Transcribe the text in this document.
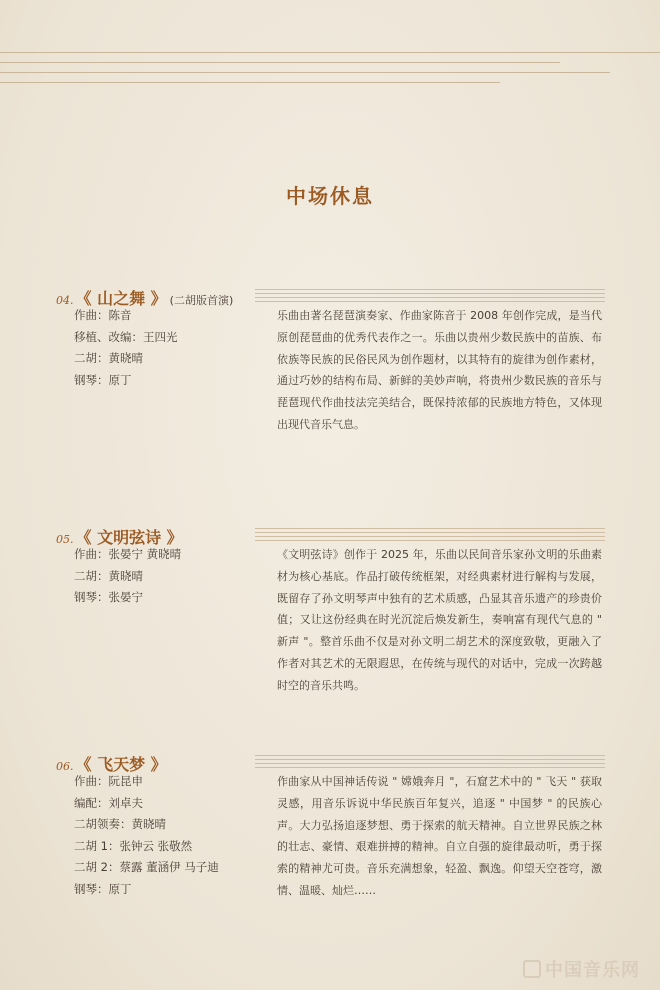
中场休息
04. 《 山之舞 》 (二胡版首演)
作曲：陈音
移植、改编：王四光
二胡：黄晓晴
钢琴：原丁
乐曲由著名琵琶演奏家、作曲家陈音于 2008 年创作完成，是当代原创琵琶曲的优秀代表作之一。乐曲以贵州少数民族中的苗族、布依族等民族的民俗民风为创作题材，以其特有的旋律为创作素材，通过巧妙的结构布局、新鲜的美妙声响，将贵州少数民族的音乐与琵琶现代作曲技法完美结合，既保持浓郁的民族地方特色，又体现出现代音乐气息。
05. 《 文明弦诗 》
作曲：张晏宁 黄晓晴
二胡：黄晓晴
钢琴：张晏宁
《文明弦诗》创作于 2025 年，乐曲以民间音乐家孙文明的乐曲素材为核心基底。作品打破传统框架，对经典素材进行解构与发展，既留存了孙文明琴声中独有的艺术质感，凸显其音乐遗产的珍贵价值；又让这份经典在时光沉淀后焕发新生，奏响富有现代气息的 " 新声 "。整首乐曲不仅是对孙文明二胡艺术的深度致敬，更融入了作者对其艺术的无限遐思，在传统与现代的对话中，完成一次跨越时空的音乐共鸣。
06. 《 飞天梦 》
作曲：阮昆申
编配：刘卓夫
二胡领奏：黄晓晴
二胡 1：张钟云 张敬然
二胡 2：蔡露 董涵伊 马子迪
钢琴：原丁
作曲家从中国神话传说 " 嫦娥奔月 "，石窟艺术中的 " 飞天 " 获取灵感，用音乐诉说中华民族百年复兴，追逐 " 中国梦 " 的民族心声。大力弘扬追逐梦想、勇于探索的航天精神。自立世界民族之林的壮志、豪情、艰难拼搏的精神。自立自强的旋律最动听，勇于探索的精神尤可贵。音乐充满想象，轻盈、飘逸。仰望天空苍穹，激情、温暖、灿烂……
中国音乐网
